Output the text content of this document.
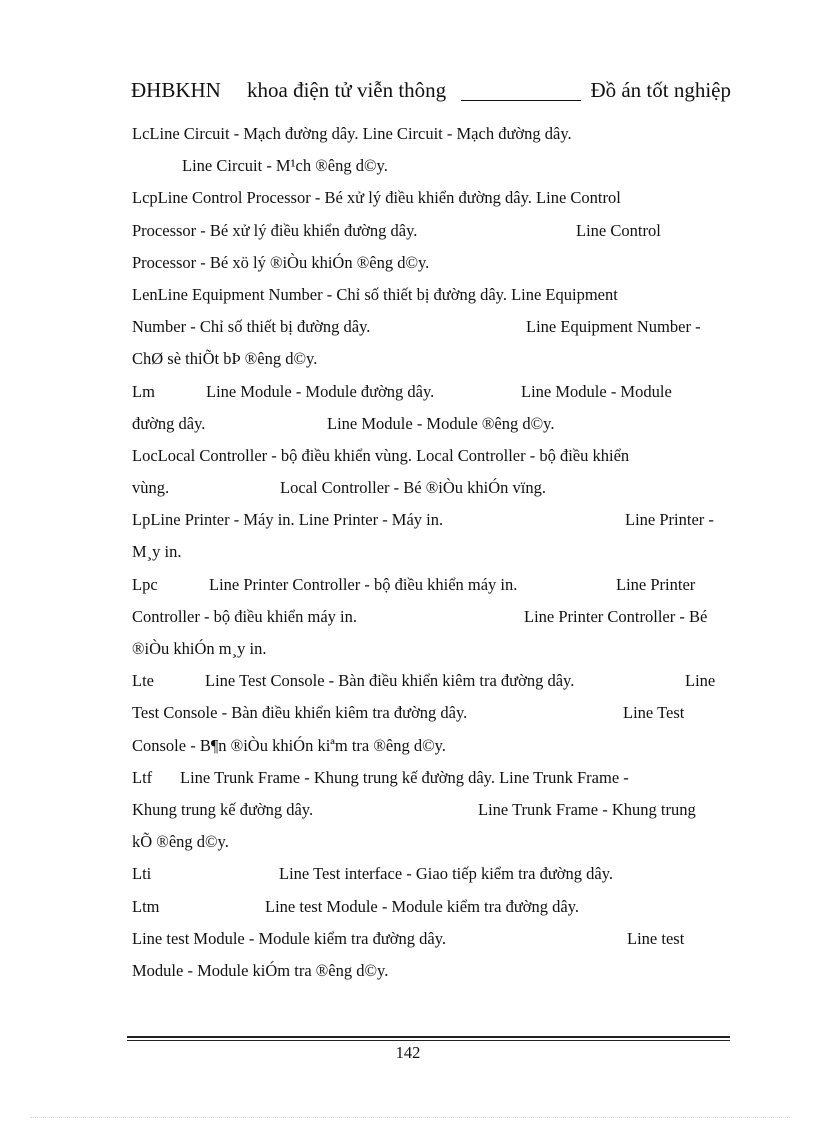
ĐHBKHN khoa điện tử viễn thông	Đồ án tốt nghiệp
LcLine Circuit - Mạch đường dây. Line Circuit - Mạch đường dây.
Line Circuit - M¹ch ®êng d©y.
LcpLine Control Processor - Bé xử lý điều khiển đường dây. Line Control
Processor - Bé xử lý điều khiển đường dây.	Line Control
Processor - Bé xö lý ®iÒu khiÓn ®êng d©y.
LenLine Equipment Number - Chỉ số thiết bị đường dây. Line Equipment
Number - Chỉ số thiết bị đường dây.	Line Equipment Number -
ChØ sè thiÕt bÞ ®êng d©y.
Lm	Line Module - Module đường dây.	Line Module - Module
đường dây.	Line Module - Module ®êng d©y.
LocLocal Controller - bộ điều khiển vùng. Local Controller - bộ điều khiển
vùng.	Local Controller - Bé ®iÒu khiÓn vïng.
LpLine Printer - Máy in. Line Printer - Máy in.	Line Printer -
M¸y in.
Lpc	Line Printer Controller - bộ điều khiển máy in.	Line Printer
Controller - bộ điều khiển máy in.	Line Printer Controller - Bé
®iÒu khiÓn m¸y in.
Lte	Line Test Console - Bàn điều khiển kiêm tra đường dây.	Line
Test Console - Bàn điều khiển kiêm tra đường dây.	Line Test
Console - B¶n ®iÒu khiÓn kiªm tra ®êng d©y.
Ltf Line Trunk Frame - Khung trung kế đường dây. Line Trunk Frame -
Khung trung kế đường dây.	Line Trunk Frame - Khung trung
kÕ ®êng d©y.
Lti	Line Test interface - Giao tiếp kiểm tra đường dây.
Ltm	Line test Module - Module kiểm tra đường dây.
Line test Module - Module kiểm tra đường dây.	Line test
Module - Module kiÓm tra ®êng d©y.
142
